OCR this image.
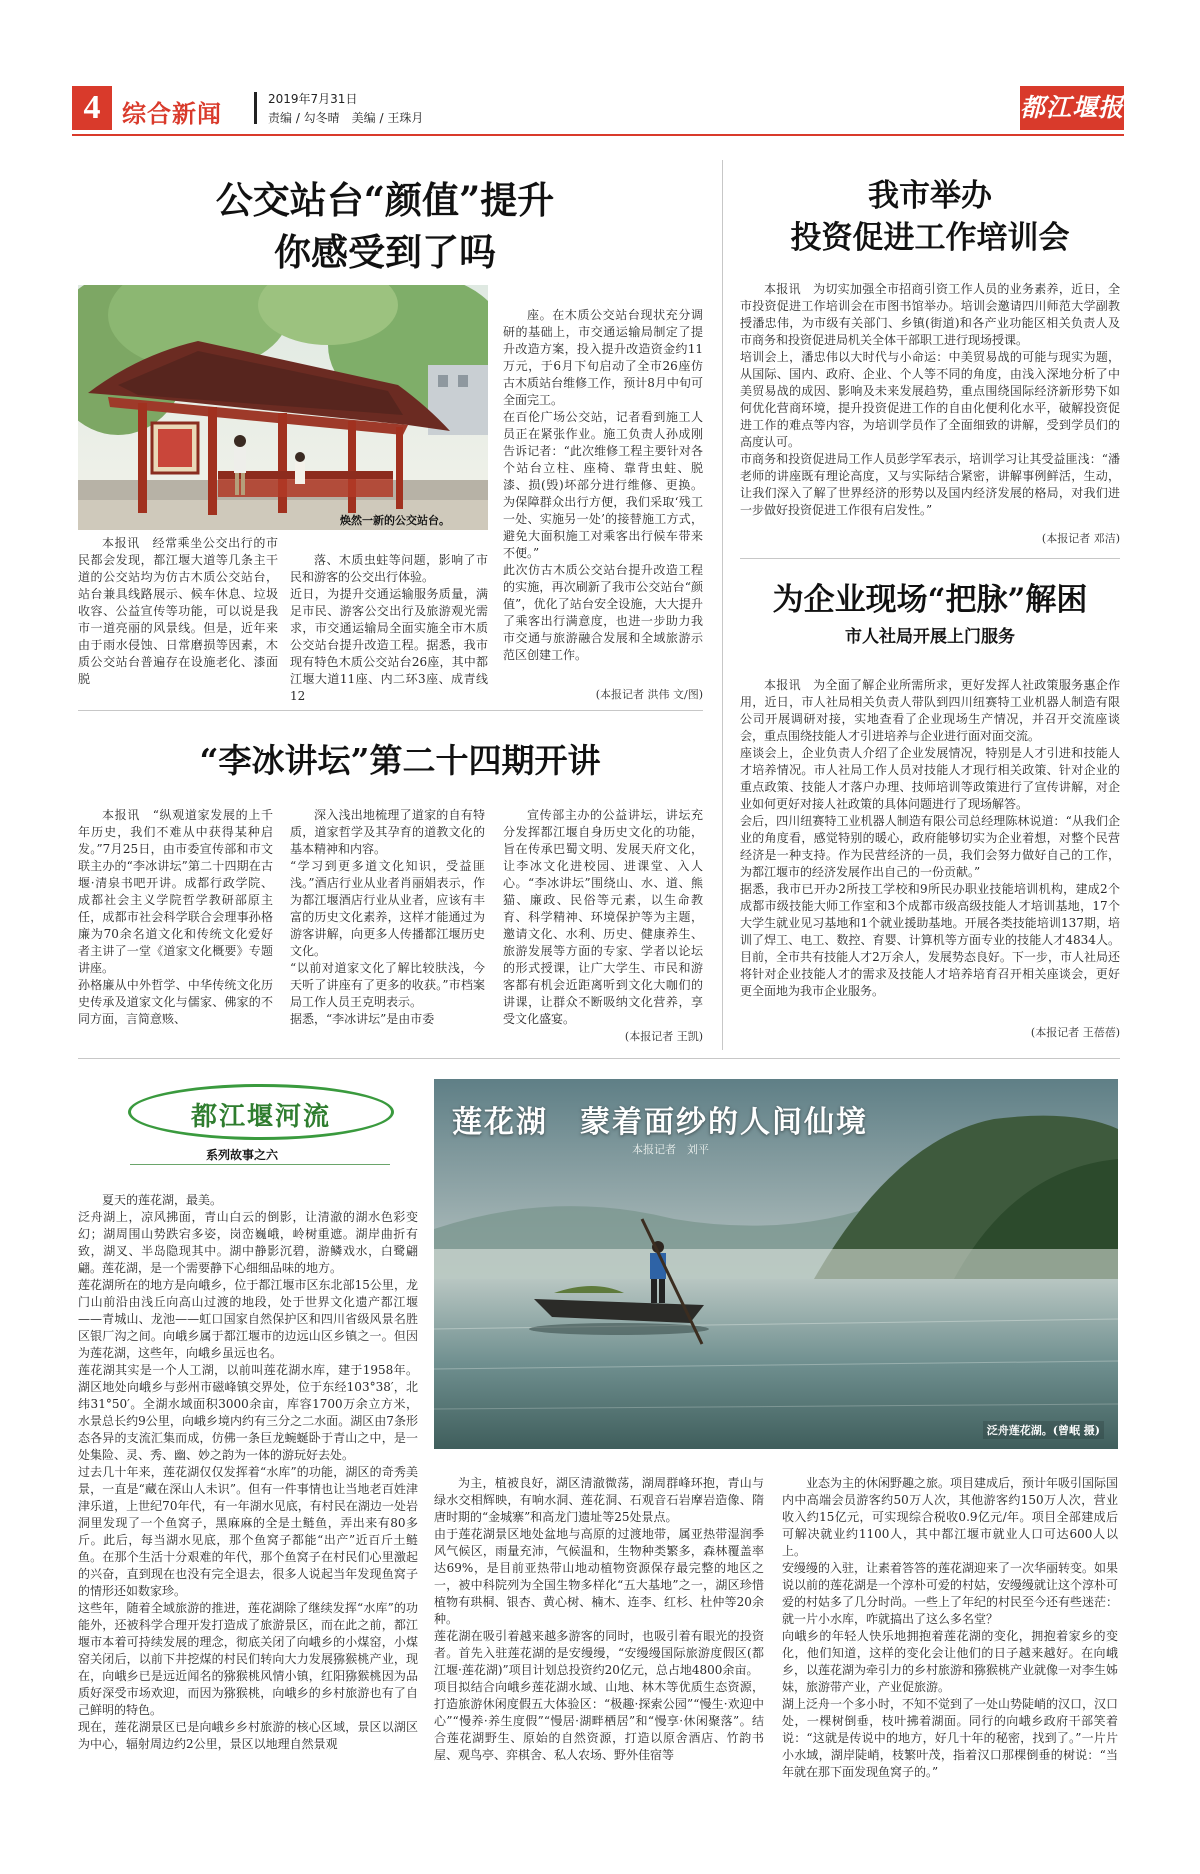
4 综合新闻
2019年7月31日
责编 / 勾冬晴　美编 / 王珠月	都江堰报
公交站台“颜值”提升
你感受到了吗
焕然一新的公交站台。

本报讯　经常乘坐公交出行的市民都会发现，都江堰大道等几条主干道的公交站均为仿古木质公交站台，站台兼具线路展示、候车休息、垃圾收容、公益宣传等功能，可以说是我市一道亮丽的风景线。但是，近年来由于雨水侵蚀、日常磨损等因素，木质公交站台普遍存在设施老化、漆面脱

落、木质虫蛀等问题，影响了市民和游客的公交出行体验。
近日，为提升交通运输服务质量，满足市民、游客公交出行及旅游观光需求，市交通运输局全面实施全市木质公交站台提升改造工程。据悉，我市现有特色木质公交站台26座，其中都江堰大道11座、内二环3座、成青线12

座。在木质公交站台现状充分调研的基础上，市交通运输局制定了提升改造方案，投入提升改造资金约11万元，于6月下旬启动了全市26座仿古木质站台维修工作，预计8月中旬可全面完工。
在百伦广场公交站，记者看到施工人员正在紧张作业。施工负责人孙成刚告诉记者：“此次维修工程主要针对各个站台立柱、座椅、靠背虫蛀、脱漆、损(毁)坏部分进行维修、更换。为保障群众出行方便，我们采取‘残工一处、实施另一处’的接替施工方式，避免大面积施工对乘客出行候车带来不便。”
此次仿古木质公交站台提升改造工程的实施，再次刷新了我市公交站台“颜值”，优化了站台安全设施，大大提升了乘客出行满意度，也进一步助力我市交通与旅游融合发展和全域旅游示范区创建工作。

(本报记者 洪伟 文/图)
“李冰讲坛”第二十四期开讲

本报讯　“纵观道家发展的上千年历史，我们不难从中获得某种启发。”7月25日，由市委宣传部和市文联主办的“李冰讲坛”第二十四期在古堰·清泉书吧开讲。成都行政学院、成都社会主义学院哲学教研部原主任，成都市社会科学联合会理事孙格廉为70余名道文化和传统文化爱好者主讲了一堂《道家文化概要》专题讲座。
孙格廉从中外哲学、中华传统文化历史传承及道家文化与儒家、佛家的不同方面，言简意赅、

深入浅出地梳理了道家的自有特质，道家哲学及其孕育的道教文化的基本精神和内容。
“学习到更多道文化知识，受益匪浅。”酒店行业从业者肖丽娟表示，作为都江堰酒店行业从业者，应该有丰富的历史文化素养，这样才能通过为游客讲解，向更多人传播都江堰历史文化。
“以前对道家文化了解比较肤浅，今天听了讲座有了更多的收获。”市档案局工作人员王克明表示。
据悉，“李冰讲坛”是由市委

宣传部主办的公益讲坛，讲坛充分发挥都江堰自身历史文化的功能，旨在传承巴蜀文明、发展天府文化，让李冰文化进校园、进课堂、入人心。“李冰讲坛”围绕山、水、道、熊猫、廉政、民俗等元素，以生命教育、科学精神、环境保护等为主题，邀请文化、水利、历史、健康养生、旅游发展等方面的专家、学者以论坛的形式授课，让广大学生、市民和游客都有机会近距离听到文化大咖们的讲课，让群众不断吸纳文化营养，享受文化盛宴。

(本报记者 王凯)
我市举办
投资促进工作培训会

本报讯　为切实加强全市招商引资工作人员的业务素养，近日，全市投资促进工作培训会在市图书馆举办。培训会邀请四川师范大学副教授潘忠伟，为市级有关部门、乡镇(街道)和各产业功能区相关负责人及市商务和投资促进局机关全体干部职工进行现场授课。
培训会上，潘忠伟以大时代与小命运：中美贸易战的可能与现实为题，从国际、国内、政府、企业、个人等不同的角度，由浅入深地分析了中美贸易战的成因、影响及未来发展趋势，重点围绕国际经济新形势下如何优化营商环境，提升投资促进工作的自由化便利化水平，破解投资促进工作的难点等内容，为培训学员作了全面细致的讲解，受到学员们的高度认可。
市商务和投资促进局工作人员彭学军表示，培训学习让其受益匪浅：“潘老师的讲座既有理论高度，又与实际结合紧密，讲解事例鲜活，生动，让我们深入了解了世界经济的形势以及国内经济发展的格局，对我们进一步做好投资促进工作很有启发性。”

(本报记者 邓洁)
为企业现场“把脉”解困
市人社局开展上门服务

本报讯　为全面了解企业所需所求，更好发挥人社政策服务惠企作用，近日，市人社局相关负责人带队到四川纽赛特工业机器人制造有限公司开展调研对接，实地查看了企业现场生产情况，并召开交流座谈会，重点围绕技能人才引进培养与企业进行面对面交流。
座谈会上，企业负责人介绍了企业发展情况，特别是人才引进和技能人才培养情况。市人社局工作人员对技能人才现行相关政策、针对企业的重点政策、技能人才落户办理、技师培训等政策进行了宣传讲解，对企业如何更好对接人社政策的具体问题进行了现场解答。
会后，四川纽赛特工业机器人制造有限公司总经理陈林说道：“从我们企业的角度看，感觉特别的暖心，政府能够切实为企业着想，对整个民营经济是一种支持。作为民营经济的一员，我们会努力做好自己的工作，为都江堰市的经济发展作出自己的一份贡献。”
据悉，我市已开办2所技工学校和9所民办职业技能培训机构，建成2个成都市级技能大师工作室和3个成都市级高级技能人才培训基地，17个大学生就业见习基地和1个就业援助基地。开展各类技能培训137期，培训了焊工、电工、数控、育婴、计算机等方面专业的技能人才4834人。目前，全市共有技能人才2万余人，发展势态良好。下一步，市人社局还将针对企业技能人才的需求及技能人才培养培育召开相关座谈会，更好更全面地为我市企业服务。

(本报记者 王蓓蓓)
都江堰河流
系列故事之六
莲花湖　蒙着面纱的人间仙境
本报记者　刘平
泛舟莲花湖。(曾岷 摄)

夏天的莲花湖，最美。
泛舟湖上，凉风拂面，青山白云的倒影，让清澈的湖水色彩变幻；湖周围山势跌宕多姿，岗峦巍峨，岭树重遮。湖岸曲折有致，湖叉、半岛隐现其中。湖中静影沉碧，游鳞戏水，白鹭翩翩。莲花湖，是一个需要静下心细细品味的地方。
莲花湖所在的地方是向峨乡，位于都江堰市区东北部15公里，龙门山前沿由浅丘向高山过渡的地段，处于世界文化遗产都江堰——青城山、龙池——虹口国家自然保护区和四川省级风景名胜区银厂沟之间。向峨乡属于都江堰市的边远山区乡镇之一。但因为莲花湖，这些年，向峨乡虽远也名。
莲花湖其实是一个人工湖，以前叫莲花湖水库，建于1958年。湖区地处向峨乡与彭州市磁峰镇交界处，位于东经103°38′，北纬31°50′。全湖水域面积3000余亩，库容1700万余立方米，水景总长约9公里，向峨乡境内约有三分之二水面。湖区由7条形态各异的支流汇集而成，仿佛一条巨龙蜿蜒卧于青山之中，是一处集险、灵、秀、幽、妙之韵为一体的游玩好去处。
过去几十年来，莲花湖仅仅发挥着“水库”的功能，湖区的奇秀美景，一直是“藏在深山人未识”。但有一件事情也让当地老百姓津津乐道，上世纪70年代，有一年湖水见底，有村民在湖边一处岩洞里发现了一个鱼窝子，黑麻麻的全是土鲢鱼，弄出来有80多斤。此后，每当湖水见底，那个鱼窝子都能“出产”近百斤土鲢鱼。在那个生活十分艰难的年代，那个鱼窝子在村民们心里激起的兴奋，直到现在也没有完全退去，很多人说起当年发现鱼窝子的情形还如数家珍。
这些年，随着全域旅游的推进，莲花湖除了继续发挥“水库”的功能外，还被科学合理开发打造成了旅游景区，而在此之前，都江堰市本着可持续发展的理念，彻底关闭了向峨乡的小煤窑，小煤窑关闭后，以前下井挖煤的村民们转向大力发展猕猴桃产业，现在，向峨乡已是远近闻名的猕猴桃风情小镇，红阳猕猴桃因为品质好深受市场欢迎，而因为猕猴桃，向峨乡的乡村旅游也有了自己鲜明的特色。
现在，莲花湖景区已是向峨乡乡村旅游的核心区域，景区以湖区为中心，辐射周边约2公里，景区以地理自然景观

为主，植被良好，湖区清澈微荡，湖周群峰环抱，青山与绿水交相辉映，有响水洞、莲花洞、石观音石岩摩岩造像、隋唐时期的“金城寨”和高龙门遗址等25处景点。
由于莲花湖景区地处盆地与高原的过渡地带，属亚热带湿润季风气候区，雨量充沛，气候温和，生物种类繁多，森林覆盖率达69%，是目前亚热带山地动植物资源保存最完整的地区之一，被中科院列为全国生物多样化“五大基地”之一，湖区珍惜植物有珙桐、银杏、黄心树、楠木、连李、红杉、杜仲等20余种。
莲花湖在吸引着越来越多游客的同时，也吸引着有眼光的投资者。首先入驻莲花湖的是安缦缦，“安缦缦国际旅游度假区(都江堰·莲花湖)”项目计划总投资约20亿元，总占地4800余亩。
项目拟结合向峨乡莲花湖水域、山地、林木等优质生态资源，打造旅游休闲度假五大体验区：“极趣·探索公园”“慢生·欢迎中心”“慢养·养生度假”“慢居·湖畔栖居”和“慢享·休闲聚落”。结合莲花湖野生、原始的自然资源，打造以原舍酒店、竹韵书屋、观鸟亭、弈棋舍、私人农场、野外佳宿等

业态为主的休闲野趣之旅。项目建成后，预计年吸引国际国内中高端会员游客约50万人次，其他游客约150万人次，营业收入约15亿元，可实现综合税收0.9亿元/年。项目全部建成后可解决就业约1100人，其中都江堰市就业人口可达600人以上。
安缦缦的入驻，让素着答答的莲花湖迎来了一次华丽转变。如果说以前的莲花湖是一个淳朴可爱的村姑，安缦缦就让这个淳朴可爱的村姑多了几分时尚。一些上了年纪的村民至今还有些迷茫：就一片小水库，咋就搞出了这么多名堂？
向峨乡的年轻人快乐地拥抱着莲花湖的变化，拥抱着家乡的变化，他们知道，这样的变化会让他们的日子越来越好。在向峨乡，以莲花湖为牵引力的乡村旅游和猕猴桃产业就像一对李生姊妹，旅游带产业，产业促旅游。
湖上泛舟一个多小时，不知不觉到了一处山势陡峭的汉口，汉口处，一棵树倒垂，枝叶拂着湖面。同行的向峨乡政府干部笑着说：“这就是传说中的地方，好几十年的秘密，找到了。”一片片小水域，湖岸陡峭，枝繁叶茂，指着汉口那棵倒垂的树说：“当年就在那下面发现鱼窝子的。”
